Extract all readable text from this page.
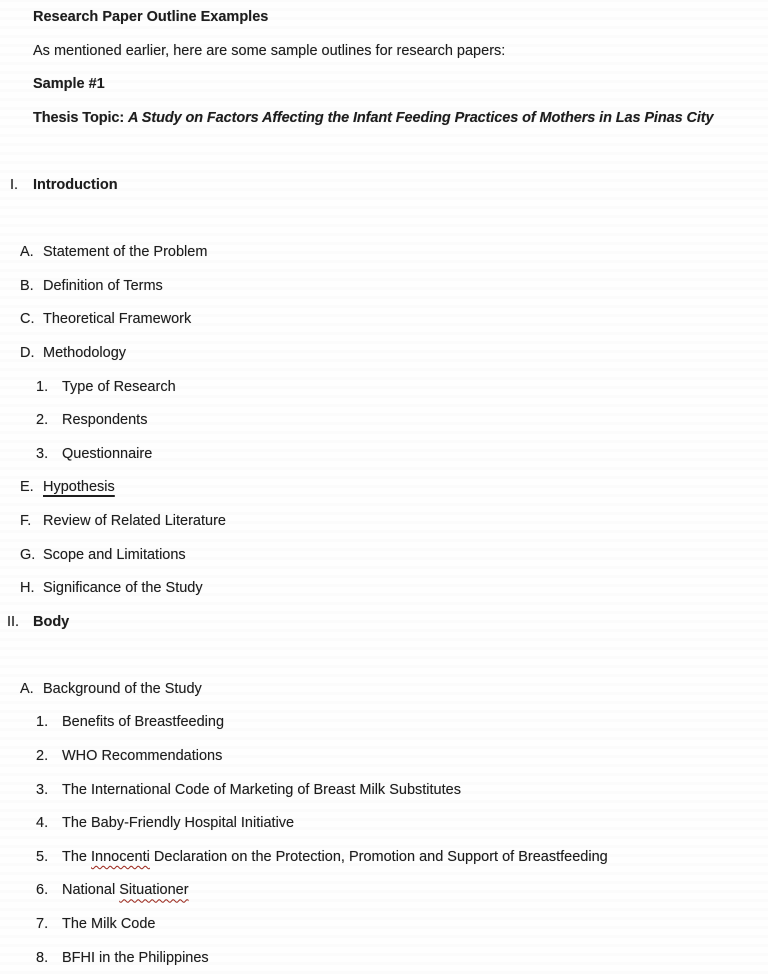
Research Paper Outline Examples
As mentioned earlier, here are some sample outlines for research papers:
Sample #1
Thesis Topic: A Study on Factors Affecting the Infant Feeding Practices of Mothers in Las Pinas City
I.	Introduction
A. Statement of the Problem
B. Definition of Terms
C. Theoretical Framework
D. Methodology
1. Type of Research
2. Respondents
3. Questionnaire
E. Hypothesis
F. Review of Related Literature
G. Scope and Limitations
H. Significance of the Study
II. Body
A. Background of the Study
1. Benefits of Breastfeeding
2. WHO Recommendations
3. The International Code of Marketing of Breast Milk Substitutes
4. The Baby-Friendly Hospital Initiative
5. The Innocenti Declaration on the Protection, Promotion and Support of Breastfeeding
6. National Situationer
7. The Milk Code
8. BFHI in the Philippines
